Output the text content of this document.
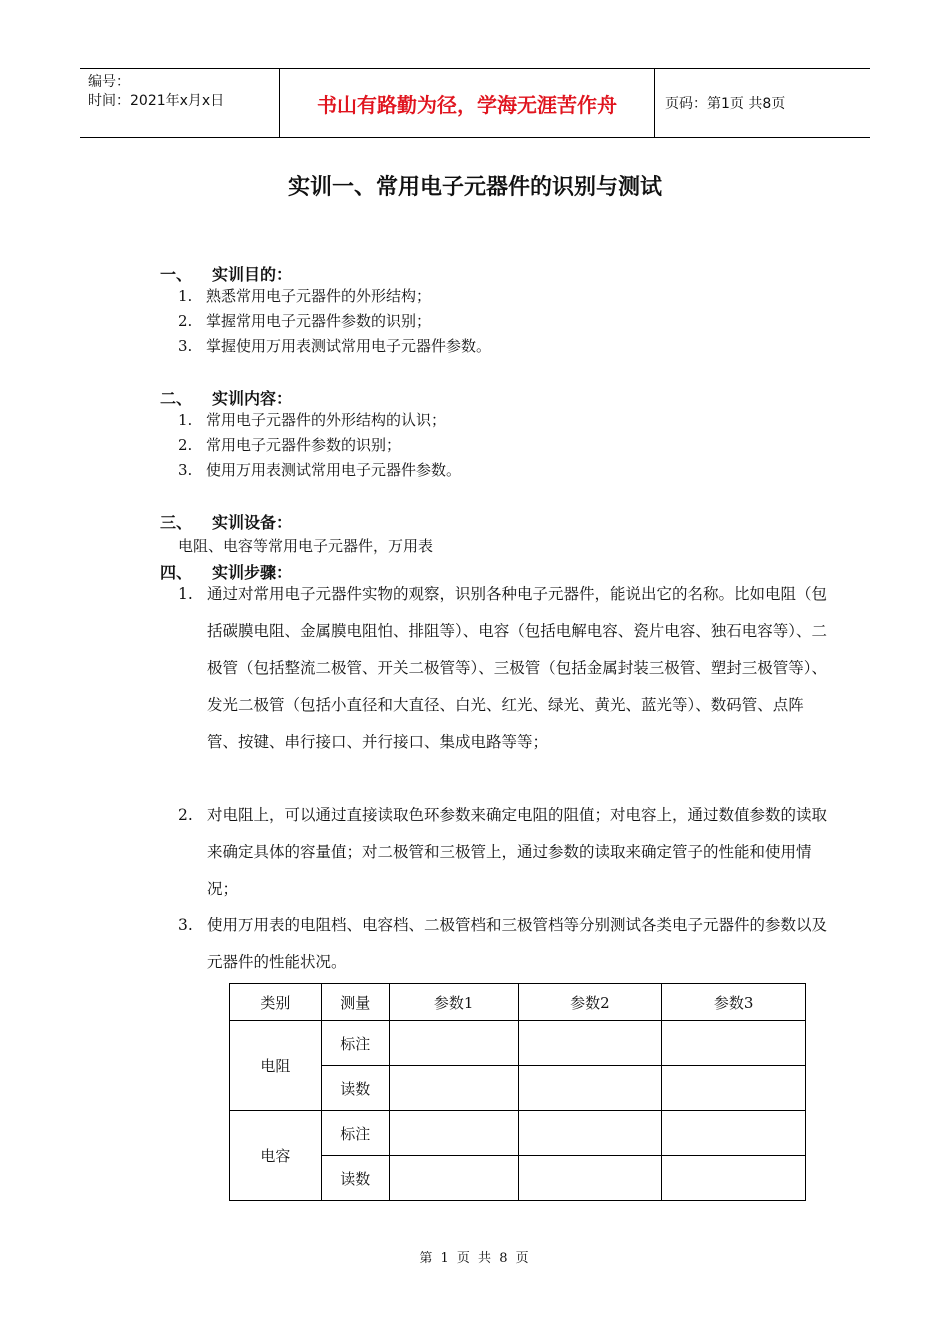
编号：
时间：2021年x月x日	书山有路勤为径，学海无涯苦作舟	页码：第1页 共8页
实训一、常用电子元器件的识别与测试
一、 实训目的：
1. 熟悉常用电子元器件的外形结构；
2. 掌握常用电子元器件参数的识别；
3. 掌握使用万用表测试常用电子元器件参数。
二、 实训内容：
1. 常用电子元器件的外形结构的认识；
2. 常用电子元器件参数的识别；
3. 使用万用表测试常用电子元器件参数。
三、 实训设备：
电阻、电容等常用电子元器件，万用表
四、 实训步骤：
1. 通过对常用电子元器件实物的观察，识别各种电子元器件，能说出它的名称。比如电阻（包括碳膜电阻、金属膜电阻怕、排阻等）、电容（包括电解电容、瓷片电容、独石电容等）、二极管（包括整流二极管、开关二极管等）、三极管（包括金属封装三极管、塑封三极管等）、发光二极管（包括小直径和大直径、白光、红光、绿光、黄光、蓝光等）、数码管、点阵管、按键、串行接口、并行接口、集成电路等等；
2. 对电阻上，可以通过直接读取色环参数来确定电阻的阻值；对电容上，通过数值参数的读取来确定具体的容量值；对二极管和三极管上，通过参数的读取来确定管子的性能和使用情况；
3. 使用万用表的电阻档、电容档、二极管档和三极管档等分别测试各类电子元器件的参数以及元器件的性能状况。
类别	测量	参数1	参数2	参数3
电阻	标注			
	读数			
电容	标注			
	读数			
第 1 页 共 8 页
